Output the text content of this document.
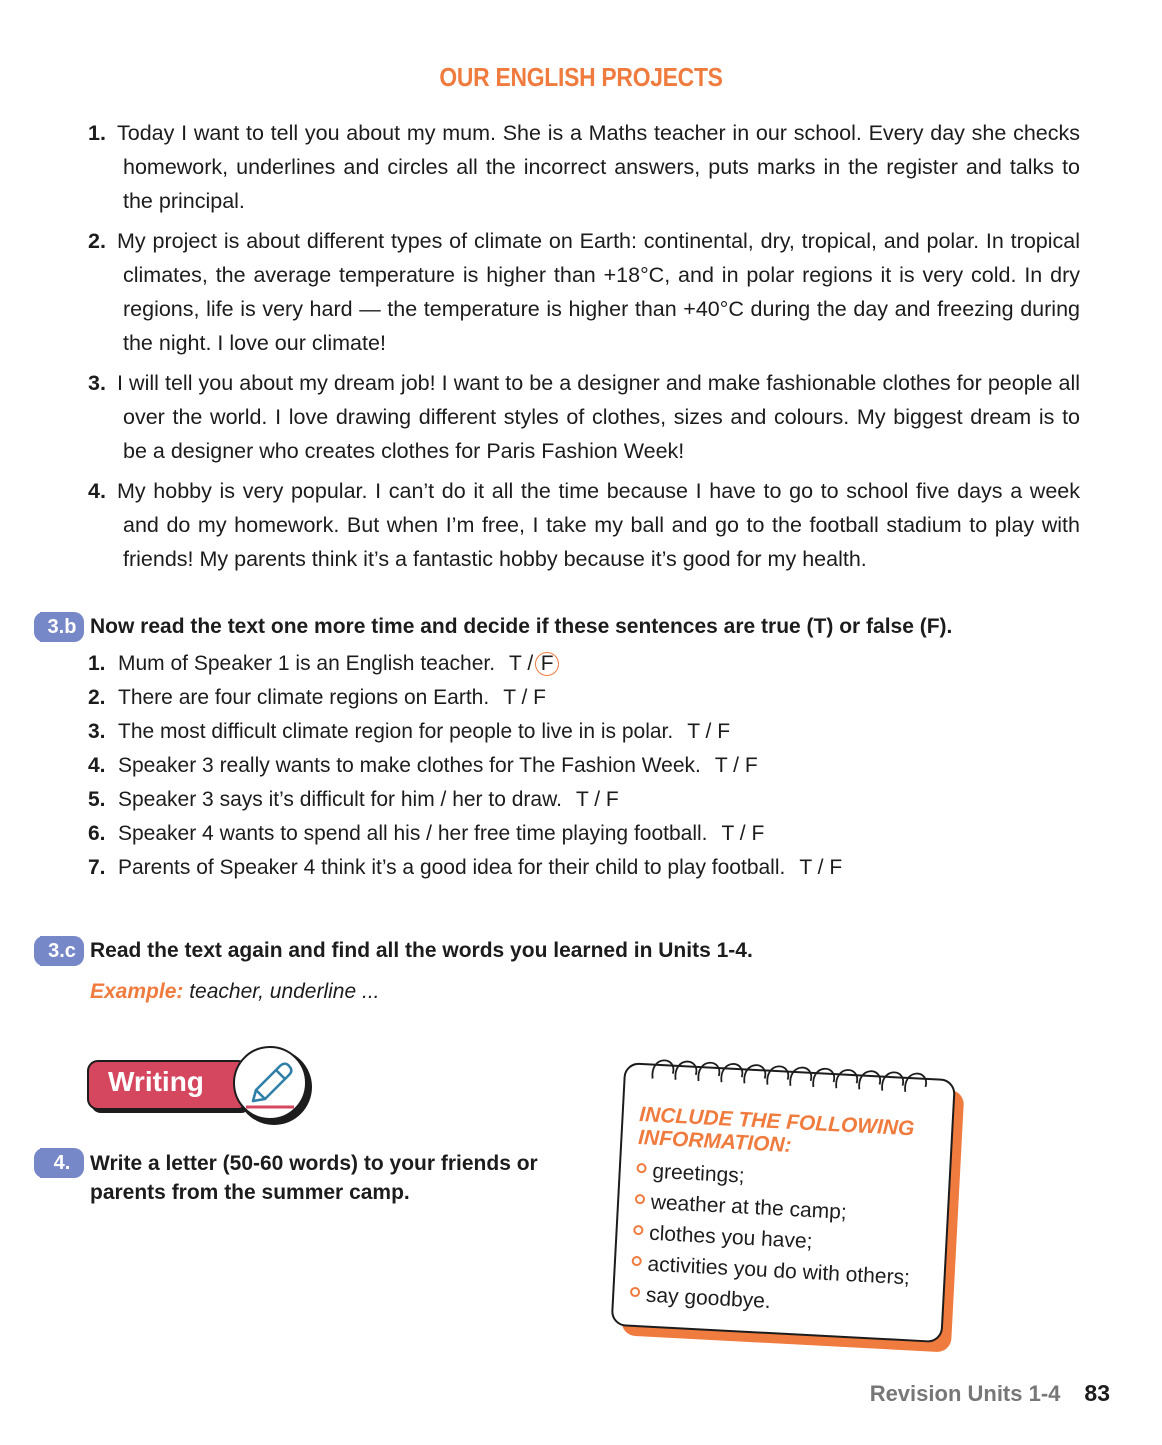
OUR ENGLISH PROJECTS
1. Today I want to tell you about my mum. She is a Maths teacher in our school. Every day she checks homework, underlines and circles all the incorrect answers, puts marks in the register and talks to the principal.
2. My project is about different types of climate on Earth: continental, dry, tropical, and polar. In tropical climates, the average temperature is higher than +18°C, and in polar regions it is very cold. In dry regions, life is very hard — the temperature is higher than +40°C during the day and freezing during the night. I love our climate!
3. I will tell you about my dream job! I want to be a designer and make fashionable clothes for people all over the world. I love drawing different styles of clothes, sizes and colours. My biggest dream is to be a designer who creates clothes for Paris Fashion Week!
4. My hobby is very popular. I can’t do it all the time because I have to go to school five days a week and do my homework. But when I’m free, I take my ball and go to the football stadium to play with friends! My parents think it’s a fantastic hobby because it’s good for my health.
3.b Now read the text one more time and decide if these sentences are true (T) or false (F).
1. Mum of Speaker 1 is an English teacher. T / F
2. There are four climate regions on Earth. T / F
3. The most difficult climate region for people to live in is polar. T / F
4. Speaker 3 really wants to make clothes for The Fashion Week. T / F
5. Speaker 3 says it’s difficult for him / her to draw. T / F
6. Speaker 4 wants to spend all his / her free time playing football. T / F
7. Parents of Speaker 4 think it’s a good idea for their child to play football. T / F
3.c Read the text again and find all the words you learned in Units 1-4.
Example: teacher, underline ...
Writing
4. Write a letter (50-60 words) to your friends or parents from the summer camp.
INCLUDE THE FOLLOWING INFORMATION:
greetings;
weather at the camp;
clothes you have;
activities you do with others;
say goodbye.
Revision Units 1-4 83
